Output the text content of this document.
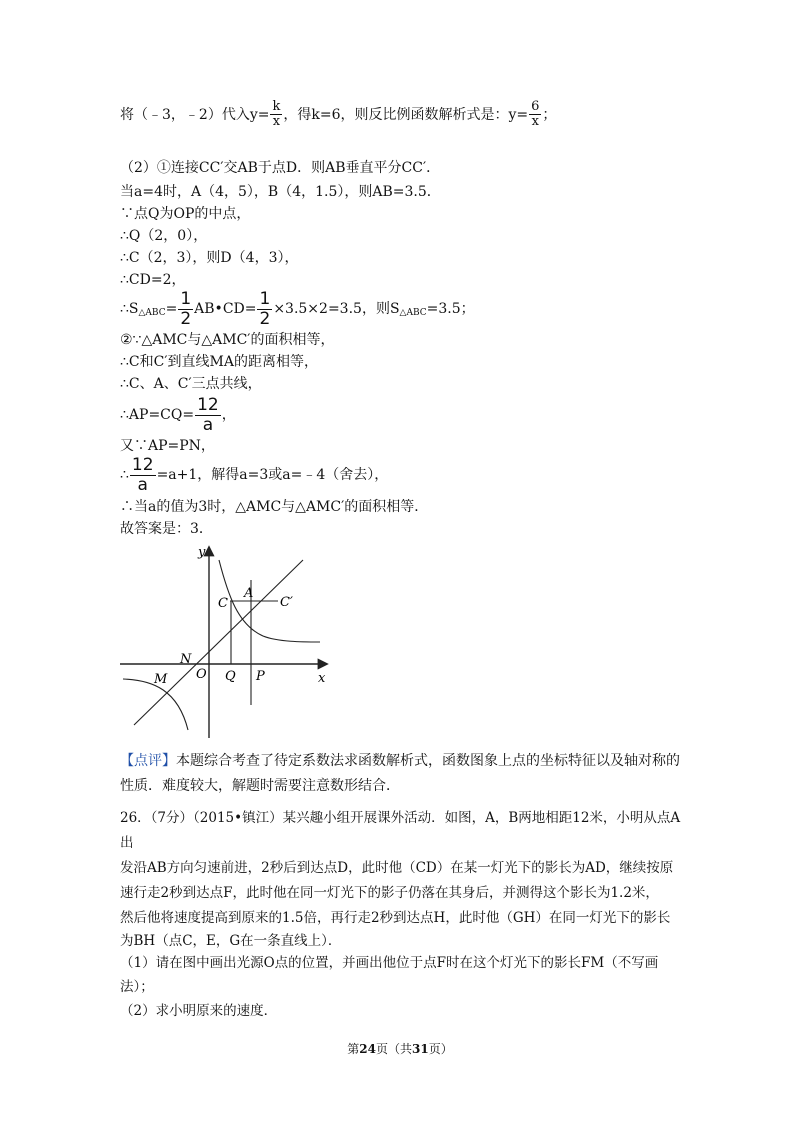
将（﹣3，﹣2）代入$y= \frac{k}{x}$ ，得k=6，则反比例函数解析式是：$y= \frac{6}{x}$ ；
（2）①连接CC′交AB于点D．则AB垂直平分CC′．
当a=4时，A（4，5），B（4，1.5），则AB=3.5．
∵点Q为OP的中点，
∴Q（2，0），
∴C（2，3），则D（4，3），
∴CD=2，
$\therefore S_{\triangle ABC}= \frac{1}{2}$ AB•CD= $\frac{1}{2} \times 3.5\times 2=3.5$，则$S_{\triangle ABC}=3.5$；
②∵△AMC与△AMC′的面积相等，
∴C和C′到直线MA的距离相等，
∴C、A、C′三点共线，
∴AP=CQ= $\frac{12}{a}$ ，
又∵AP=PN，
∴ $\frac{12}{a} =a+1$，解得a=3或a=﹣4（舍去），
∴当a的值为3时，△AMC与△AMC′的面积相等．
故答案是：3．
y
x
C
A
C′
N
O Q P
M
【点评】本题综合考查了待定系数法求函数解析式，函数图象上点的坐标特征以及轴对称的
性质．难度较大，解题时需要注意数形结合．
26．（7分）（2015•镇江）某兴趣小组开展课外活动．如图，A，B两地相距12米，小明从点A出
发沿AB方向匀速前进，2秒后到达点D，此时他（CD）在某一灯光下的影长为AD，继续按原
速行走2秒到达点F，此时他在同一灯光下的影子仍落在其身后，并测得这个影长为1.2米，
然后他将速度提高到原来的1.5倍，再行走2秒到达点H，此时他（GH）在同一灯光下的影长
为BH（点C，E，G在一条直线上）．
（1）请在图中画出光源O点的位置，并画出他位于点F时在这个灯光下的影长FM（不写画
法）；
（2）求小明原来的速度．
第24页（共31页）
